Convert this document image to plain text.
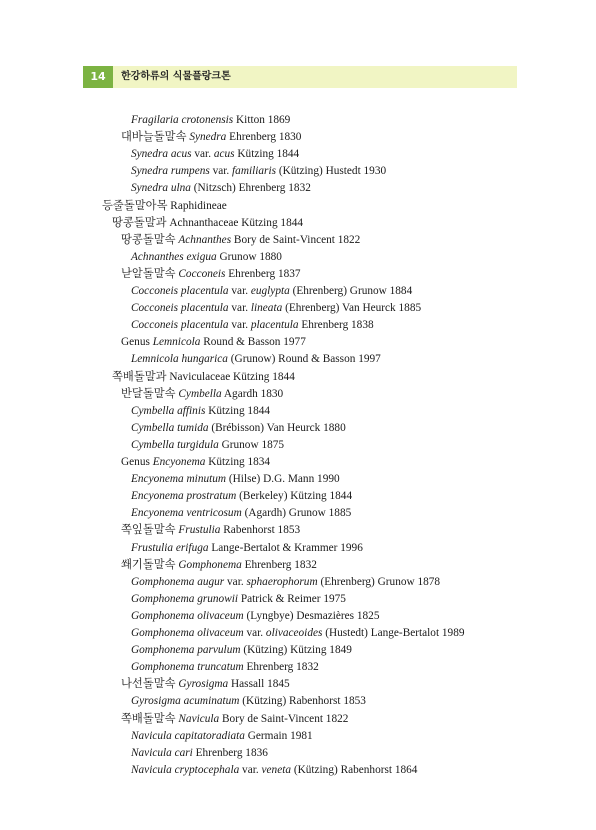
14	한강하류의 식물플랑크톤
Fragilaria crotonensis Kitton 1869
대바늘돌말속 Synedra Ehrenberg 1830
Synedra acus var. acus Kützing 1844
Synedra rumpens var. familiaris (Kützing) Hustedt 1930
Synedra ulna (Nitzsch) Ehrenberg 1832
등줄돌말아목 Raphidineae
땅콩돌말과 Achnanthaceae Kützing 1844
땅콩돌말속 Achnanthes Bory de Saint-Vincent 1822
Achnanthes exigua Grunow 1880
낟알돌말속 Cocconeis Ehrenberg 1837
Cocconeis placentula var. euglypta (Ehrenberg) Grunow 1884
Cocconeis placentula var. lineata (Ehrenberg) Van Heurck 1885
Cocconeis placentula var. placentula Ehrenberg 1838
Genus Lemnicola Round & Basson 1977
Lemnicola hungarica (Grunow) Round & Basson 1997
쪽배돌말과 Naviculaceae Kützing 1844
반달돌말속 Cymbella Agardh 1830
Cymbella affinis Kützing 1844
Cymbella tumida (Brébisson) Van Heurck 1880
Cymbella turgidula Grunow 1875
Genus Encyonema Kützing 1834
Encyonema minutum (Hilse) D.G. Mann 1990
Encyonema prostratum (Berkeley) Kützing 1844
Encyonema ventricosum (Agardh) Grunow 1885
쪽잎돌말속 Frustulia Rabenhorst 1853
Frustulia erifuga Lange-Bertalot & Krammer 1996
쐐기돌말속 Gomphonema Ehrenberg 1832
Gomphonema augur var. sphaerophorum (Ehrenberg) Grunow 1878
Gomphonema grunowii Patrick & Reimer 1975
Gomphonema olivaceum (Lyngbye) Desmazières 1825
Gomphonema olivaceum var. olivaceoides (Hustedt) Lange-Bertalot 1989
Gomphonema parvulum (Kützing) Kützing 1849
Gomphonema truncatum Ehrenberg 1832
나선돌말속 Gyrosigma Hassall 1845
Gyrosigma acuminatum (Kützing) Rabenhorst 1853
쪽배돌말속 Navicula Bory de Saint-Vincent 1822
Navicula capitatoradiata Germain 1981
Navicula cari Ehrenberg 1836
Navicula cryptocephala var. veneta (Kützing) Rabenhorst 1864
